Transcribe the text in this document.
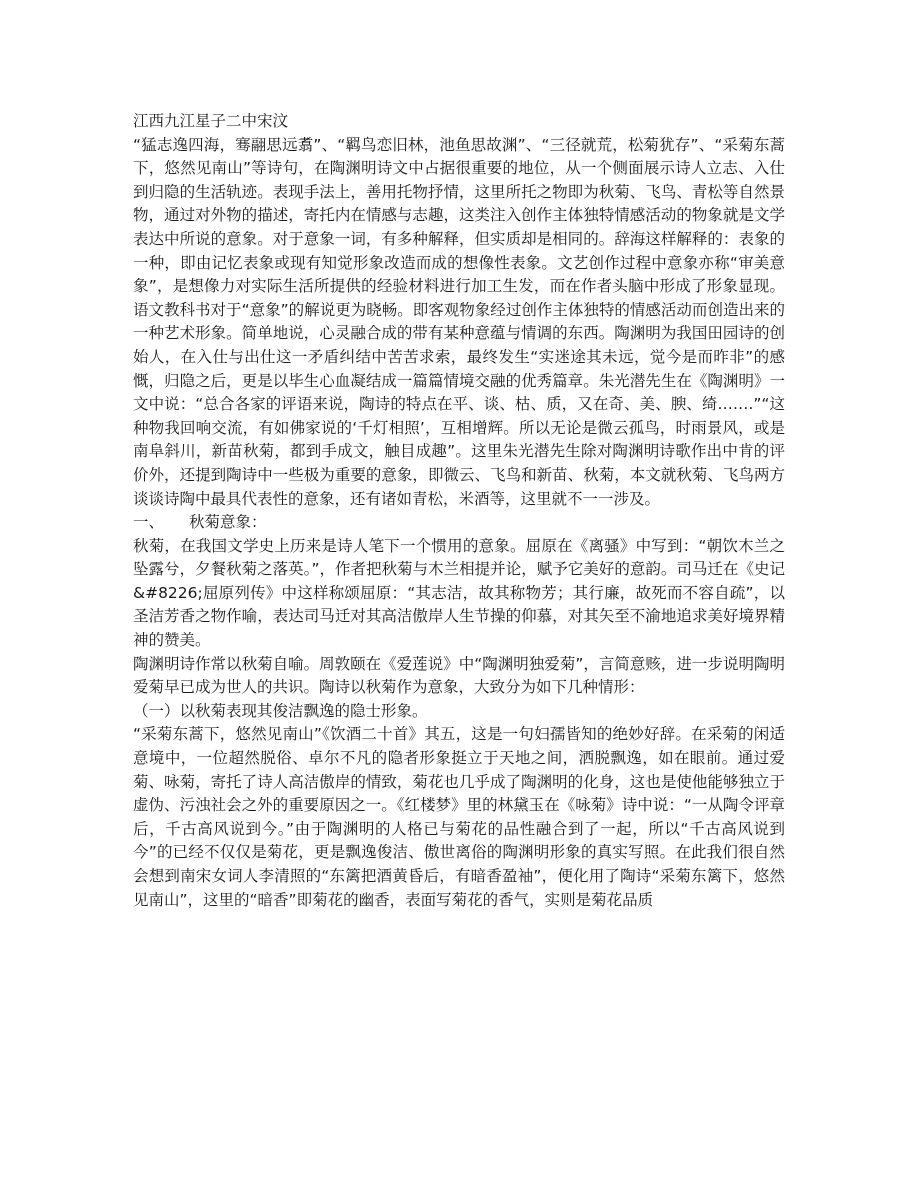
江西九江星子二中宋汶

“猛志逸四海，骞翮思远翥”、“羁鸟恋旧林，池鱼思故渊”、“三径就荒，松菊犹存”、“采菊东蒿下，悠然见南山”等诗句，在陶渊明诗文中占据很重要的地位，从一个侧面展示诗人立志、入仕到归隐的生活轨迹。表现手法上，善用托物抒情，这里所托之物即为秋菊、飞鸟、青松等自然景物，通过对外物的描述，寄托内在情感与志趣，这类注入创作主体独特情感活动的物象就是文学表达中所说的意象。对于意象一词，有多种解释，但实质却是相同的。辞海这样解释的：表象的一种，即由记忆表象或现有知觉形象改造而成的想像性表象。文艺创作过程中意象亦称“审美意象”，是想像力对实际生活所提供的经验材料进行加工生发，而在作者头脑中形成了形象显现。语文教科书对于“意象”的解说更为晓畅。即客观物象经过创作主体独特的情感活动而创造出来的一种艺术形象。简单地说，心灵融合成的带有某种意蕴与情调的东西。陶渊明为我国田园诗的创始人，在入仕与出仕这一矛盾纠结中苦苦求索，最终发生“实迷途其未远，觉今是而昨非”的感慨，归隐之后，更是以毕生心血凝结成一篇篇情境交融的优秀篇章。朱光潜先生在《陶渊明》一文中说：“总合各家的评语来说，陶诗的特点在平、谈、枯、质，又在奇、美、腴、绮…….”“这种物我回响交流，有如佛家说的‘千灯相照’，互相增辉。所以无论是微云孤鸟，时雨景风，或是南阜斜川，新苗秋菊，都到手成文，触目成趣”。这里朱光潜先生除对陶渊明诗歌作出中肯的评价外，还提到陶诗中一些极为重要的意象，即微云、飞鸟和新苗、秋菊，本文就秋菊、飞鸟两方谈谈诗陶中最具代表性的意象，还有诸如青松，米酒等，这里就不一一涉及。

一、 秋菊意象：

秋菊，在我国文学史上历来是诗人笔下一个惯用的意象。屈原在《离骚》中写到：“朝饮木兰之坠露兮，夕餐秋菊之落英。”，作者把秋菊与木兰相提并论，赋予它美好的意韵。司马迁在《史记&#8226;屈原列传》中这样称颂屈原：“其志洁，故其称物芳；其行廉，故死而不容自疏”，以圣洁芳香之物作喻，表达司马迁对其高洁傲岸人生节操的仰慕，对其矢至不渝地追求美好境界精神的赞美。

陶渊明诗作常以秋菊自喻。周敦颐在《爱莲说》中“陶渊明独爱菊”，言简意赅，进一步说明陶明爱菊早已成为世人的共识。陶诗以秋菊作为意象，大致分为如下几种情形：

（一）以秋菊表现其俊洁飘逸的隐士形象。

“采菊东蒿下，悠然见南山”《饮酒二十首》其五，这是一句妇孺皆知的绝妙好辞。在采菊的闲适意境中，一位超然脱俗、卓尔不凡的隐者形象挺立于天地之间，洒脱飘逸，如在眼前。通过爱菊、咏菊，寄托了诗人高洁傲岸的情致，菊花也几乎成了陶渊明的化身，这也是使他能够独立于虚伪、污浊社会之外的重要原因之一。《红楼梦》里的林黛玉在《咏菊》诗中说：“一从陶令评章后，千古高风说到今。”由于陶渊明的人格已与菊花的品性融合到了一起，所以“千古高风说到今”的已经不仅仅是菊花，更是飘逸俊洁、傲世离俗的陶渊明形象的真实写照。在此我们很自然会想到南宋女词人李清照的“东篱把酒黄昏后，有暗香盈袖”，便化用了陶诗“采菊东篱下，悠然见南山”，这里的“暗香”即菊花的幽香，表面写菊花的香气，实则是菊花品质
